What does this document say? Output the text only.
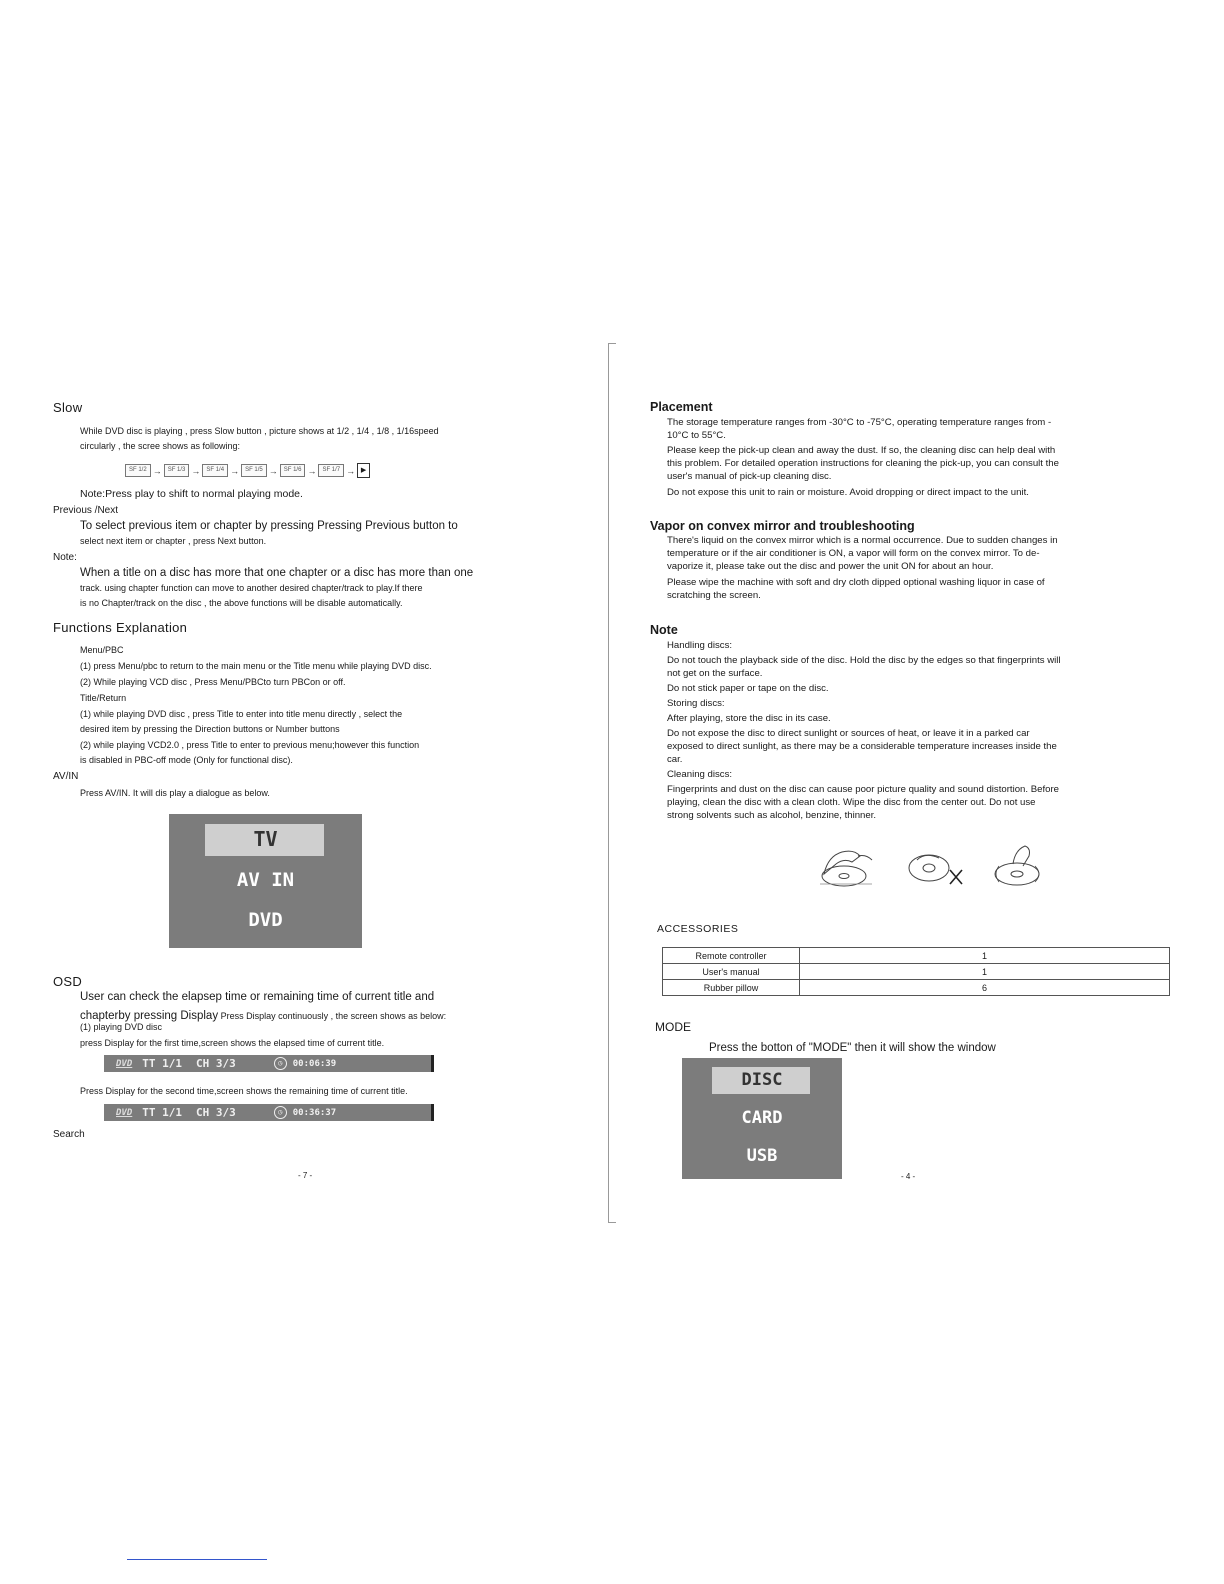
Slow
While DVD disc is playing , press Slow button , picture shows at 1/2 , 1/4 , 1/8 , 1/16speed
circularly , the scree shows as following:
SF 1/2 →	SF 1/3 →	SF 1/4 →	SF 1/5 →	SF 1/6 →	SF 1/7 → ▶
Note:Press play to shift to normal playing mode.
Previous /Next
To select previous item or chapter by pressing Pressing Previous button to
select next item or chapter , press Next button.
Note:
When a title on a disc has more that one chapter or a disc has more than one
track. using chapter function can move to another desired chapter/track to play.If there
is no Chapter/track on the disc , the above functions will be disable automatically.
Functions Explanation
Menu/PBC
(1) press Menu/pbc to return to the main menu or the Title menu while playing DVD disc.
(2) While playing VCD disc , Press Menu/PBCto turn PBCon or off.
Title/Return
(1) while playing DVD disc , press Title to enter into title menu directly , select the
desired item by pressing the Direction buttons or Number buttons
(2) while playing VCD2.0 , press Title to enter to previous menu;however this function
is disabled in PBC-off mode (Only for functional disc).
AV/IN
Press AV/IN. It will dis play a dialogue as below.
TV
AV IN
DVD
OSD
User can check the elapsep time or remaining time of current title and
chapterby pressing Display Press Display continuously , the screen shows as below:
(1) playing DVD disc
press Display for the first time,screen shows the elapsed time of current title.
DVD TT 1/1 CH 3/3	◷	00:06:39
Press Display for the second time,screen shows the remaining time of current title.
DVD TT 1/1 CH 3/3	◷	00:36:37
Search
- 7 -
Placement
The storage temperature ranges from -30°C to -75°C, operating temperature ranges from -
10°C to 55°C.
Please keep the pick-up clean and away the dust. If so, the cleaning disc can help deal with
this problem. For detailed operation instructions for cleaning the pick-up, you can consult the
user's manual of pick-up cleaning disc.
Do not expose this unit to rain or moisture. Avoid dropping or direct impact to the unit.
Vapor on convex mirror and troubleshooting
There's liquid on the convex mirror which is a normal occurrence. Due to sudden changes in
temperature or if the air conditioner is ON, a vapor will form on the convex mirror. To de-
vaporize it, please take out the disc and power the unit ON for about an hour.
Please wipe the machine with soft and dry cloth dipped optional washing liquor in case of
scratching the screen.
Note
Handling discs:
Do not touch the playback side of the disc. Hold the disc by the edges so that fingerprints will
not get on the surface.
Do not stick paper or tape on the disc.
Storing discs:
After playing, store the disc in its case.
Do not expose the disc to direct sunlight or sources of heat, or leave it in a parked car
exposed to direct sunlight, as there may be a considerable temperature increases inside the
car.
Cleaning discs:
Fingerprints and dust on the disc can cause poor picture quality and sound distortion. Before
playing, clean the disc with a clean cloth. Wipe the disc from the center out. Do not use
strong solvents such as alcohol, benzine, thinner.
ACCESSORIES
Remote controller	1
User's manual	1
Rubber pillow	6
MODE
Press the botton of "MODE" then it will show the window
DISC
CARD
USB
- 4 -
